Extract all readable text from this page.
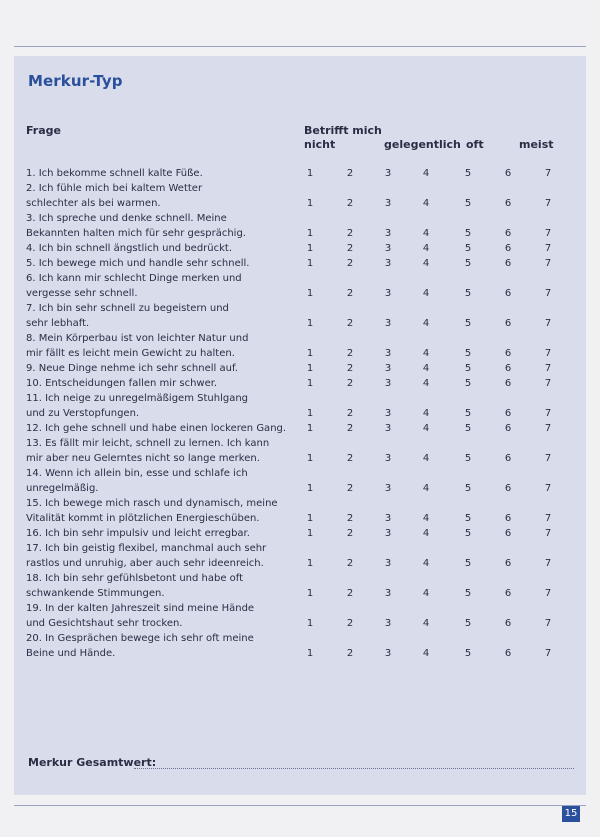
Merkur-Typ
Frage	Betrifft mich
nicht	gelegentlich oft	meist
1. Ich bekomme schnell kalte Füße.	1	2	3	4	5	6	7
2. Ich fühle mich bei kaltem Wetter
schlechter als bei warmen.	1	2	3	4	5	6	7
3. Ich spreche und denke schnell. Meine
Bekannten halten mich für sehr gesprächig.	1	2	3	4	5	6	7
4. Ich bin schnell ängstlich und bedrückt.	1	2	3	4	5	6	7
5. Ich bewege mich und handle sehr schnell.	1	2	3	4	5	6	7
6. Ich kann mir schlecht Dinge merken und
vergesse sehr schnell.	1	2	3	4	5	6	7
7. Ich bin sehr schnell zu begeistern und
sehr lebhaft.	1	2	3	4	5	6	7
8. Mein Körperbau ist von leichter Natur und
mir fällt es leicht mein Gewicht zu halten.	1	2	3	4	5	6	7
9. Neue Dinge nehme ich sehr schnell auf.	1	2	3	4	5	6	7
10. Entscheidungen fallen mir schwer.	1	2	3	4	5	6	7
11. Ich neige zu unregelmäßigem Stuhlgang
und zu Verstopfungen.	1	2	3	4	5	6	7
12. Ich gehe schnell und habe einen lockeren Gang.	1	2	3	4	5	6	7
13. Es fällt mir leicht, schnell zu lernen. Ich kann
mir aber neu Gelerntes nicht so lange merken.	1	2	3	4	5	6	7
14. Wenn ich allein bin, esse und schlafe ich
unregelmäßig.	1	2	3	4	5	6	7
15. Ich bewege mich rasch und dynamisch, meine
Vitalität kommt in plötzlichen Energieschüben.	1	2	3	4	5	6	7
16. Ich bin sehr impulsiv und leicht erregbar.	1	2	3	4	5	6	7
17. Ich bin geistig flexibel, manchmal auch sehr
rastlos und unruhig, aber auch sehr ideenreich.	1	2	3	4	5	6	7
18. Ich bin sehr gefühlsbetont und habe oft
schwankende Stimmungen.	1	2	3	4	5	6	7
19. In der kalten Jahreszeit sind meine Hände
und Gesichtshaut sehr trocken.	1	2	3	4	5	6	7
20. In Gesprächen bewege ich sehr oft meine
Beine und Hände.	1	2	3	4	5	6	7
Merkur Gesamtwert:
15
